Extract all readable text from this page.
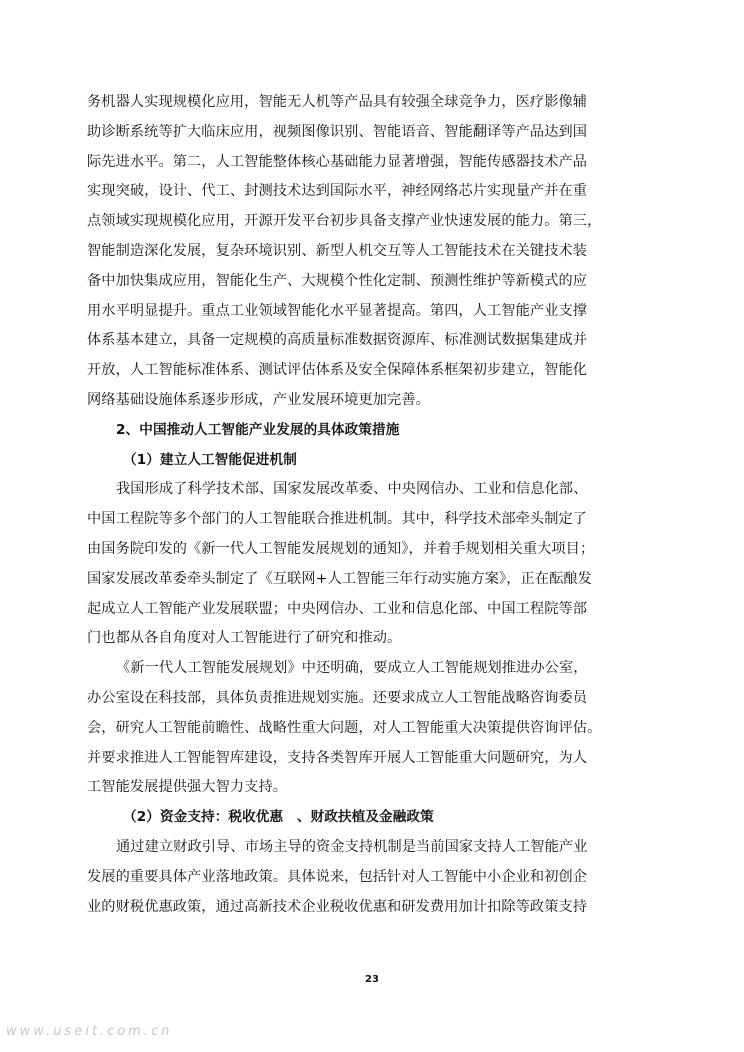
务机器人实现规模化应用，智能无人机等产品具有较强全球竞争力，医疗影像辅
助诊断系统等扩大临床应用，视频图像识别、智能语音、智能翻译等产品达到国
际先进水平。第二，人工智能整体核心基础能力显著增强，智能传感器技术产品
实现突破，设计、代工、封测技术达到国际水平，神经网络芯片实现量产并在重
点领域实现规模化应用，开源开发平台初步具备支撑产业快速发展的能力。第三，
智能制造深化发展，复杂环境识别、新型人机交互等人工智能技术在关键技术装
备中加快集成应用，智能化生产、大规模个性化定制、预测性维护等新模式的应
用水平明显提升。重点工业领域智能化水平显著提高。第四，人工智能产业支撑
体系基本建立，具备一定规模的高质量标准数据资源库、标准测试数据集建成并
开放，人工智能标准体系、测试评估体系及安全保障体系框架初步建立，智能化
网络基础设施体系逐步形成，产业发展环境更加完善。
2、中国推动人工智能产业发展的具体政策措施
（1）建立人工智能促进机制
我国形成了科学技术部、国家发展改革委、中央网信办、工业和信息化部、
中国工程院等多个部门的人工智能联合推进机制。其中，科学技术部牵头制定了
由国务院印发的《新一代人工智能发展规划的通知》，并着手规划相关重大项目；
国家发展改革委牵头制定了《互联网+人工智能三年行动实施方案》，正在酝酿发
起成立人工智能产业发展联盟；中央网信办、工业和信息化部、中国工程院等部
门也都从各自角度对人工智能进行了研究和推动。
《新一代人工智能发展规划》中还明确，要成立人工智能规划推进办公室，
办公室设在科技部，具体负责推进规划实施。还要求成立人工智能战略咨询委员
会，研究人工智能前瞻性、战略性重大问题，对人工智能重大决策提供咨询评估。
并要求推进人工智能智库建设，支持各类智库开展人工智能重大问题研究，为人
工智能发展提供强大智力支持。
（2）资金支持：税收优惠　、财政扶植及金融政策
通过建立财政引导、市场主导的资金支持机制是当前国家支持人工智能产业
发展的重要具体产业落地政策。具体说来，包括针对人工智能中小企业和初创企
业的财税优惠政策，通过高新技术企业税收优惠和研发费用加计扣除等政策支持
23
www.useit.com.cn
